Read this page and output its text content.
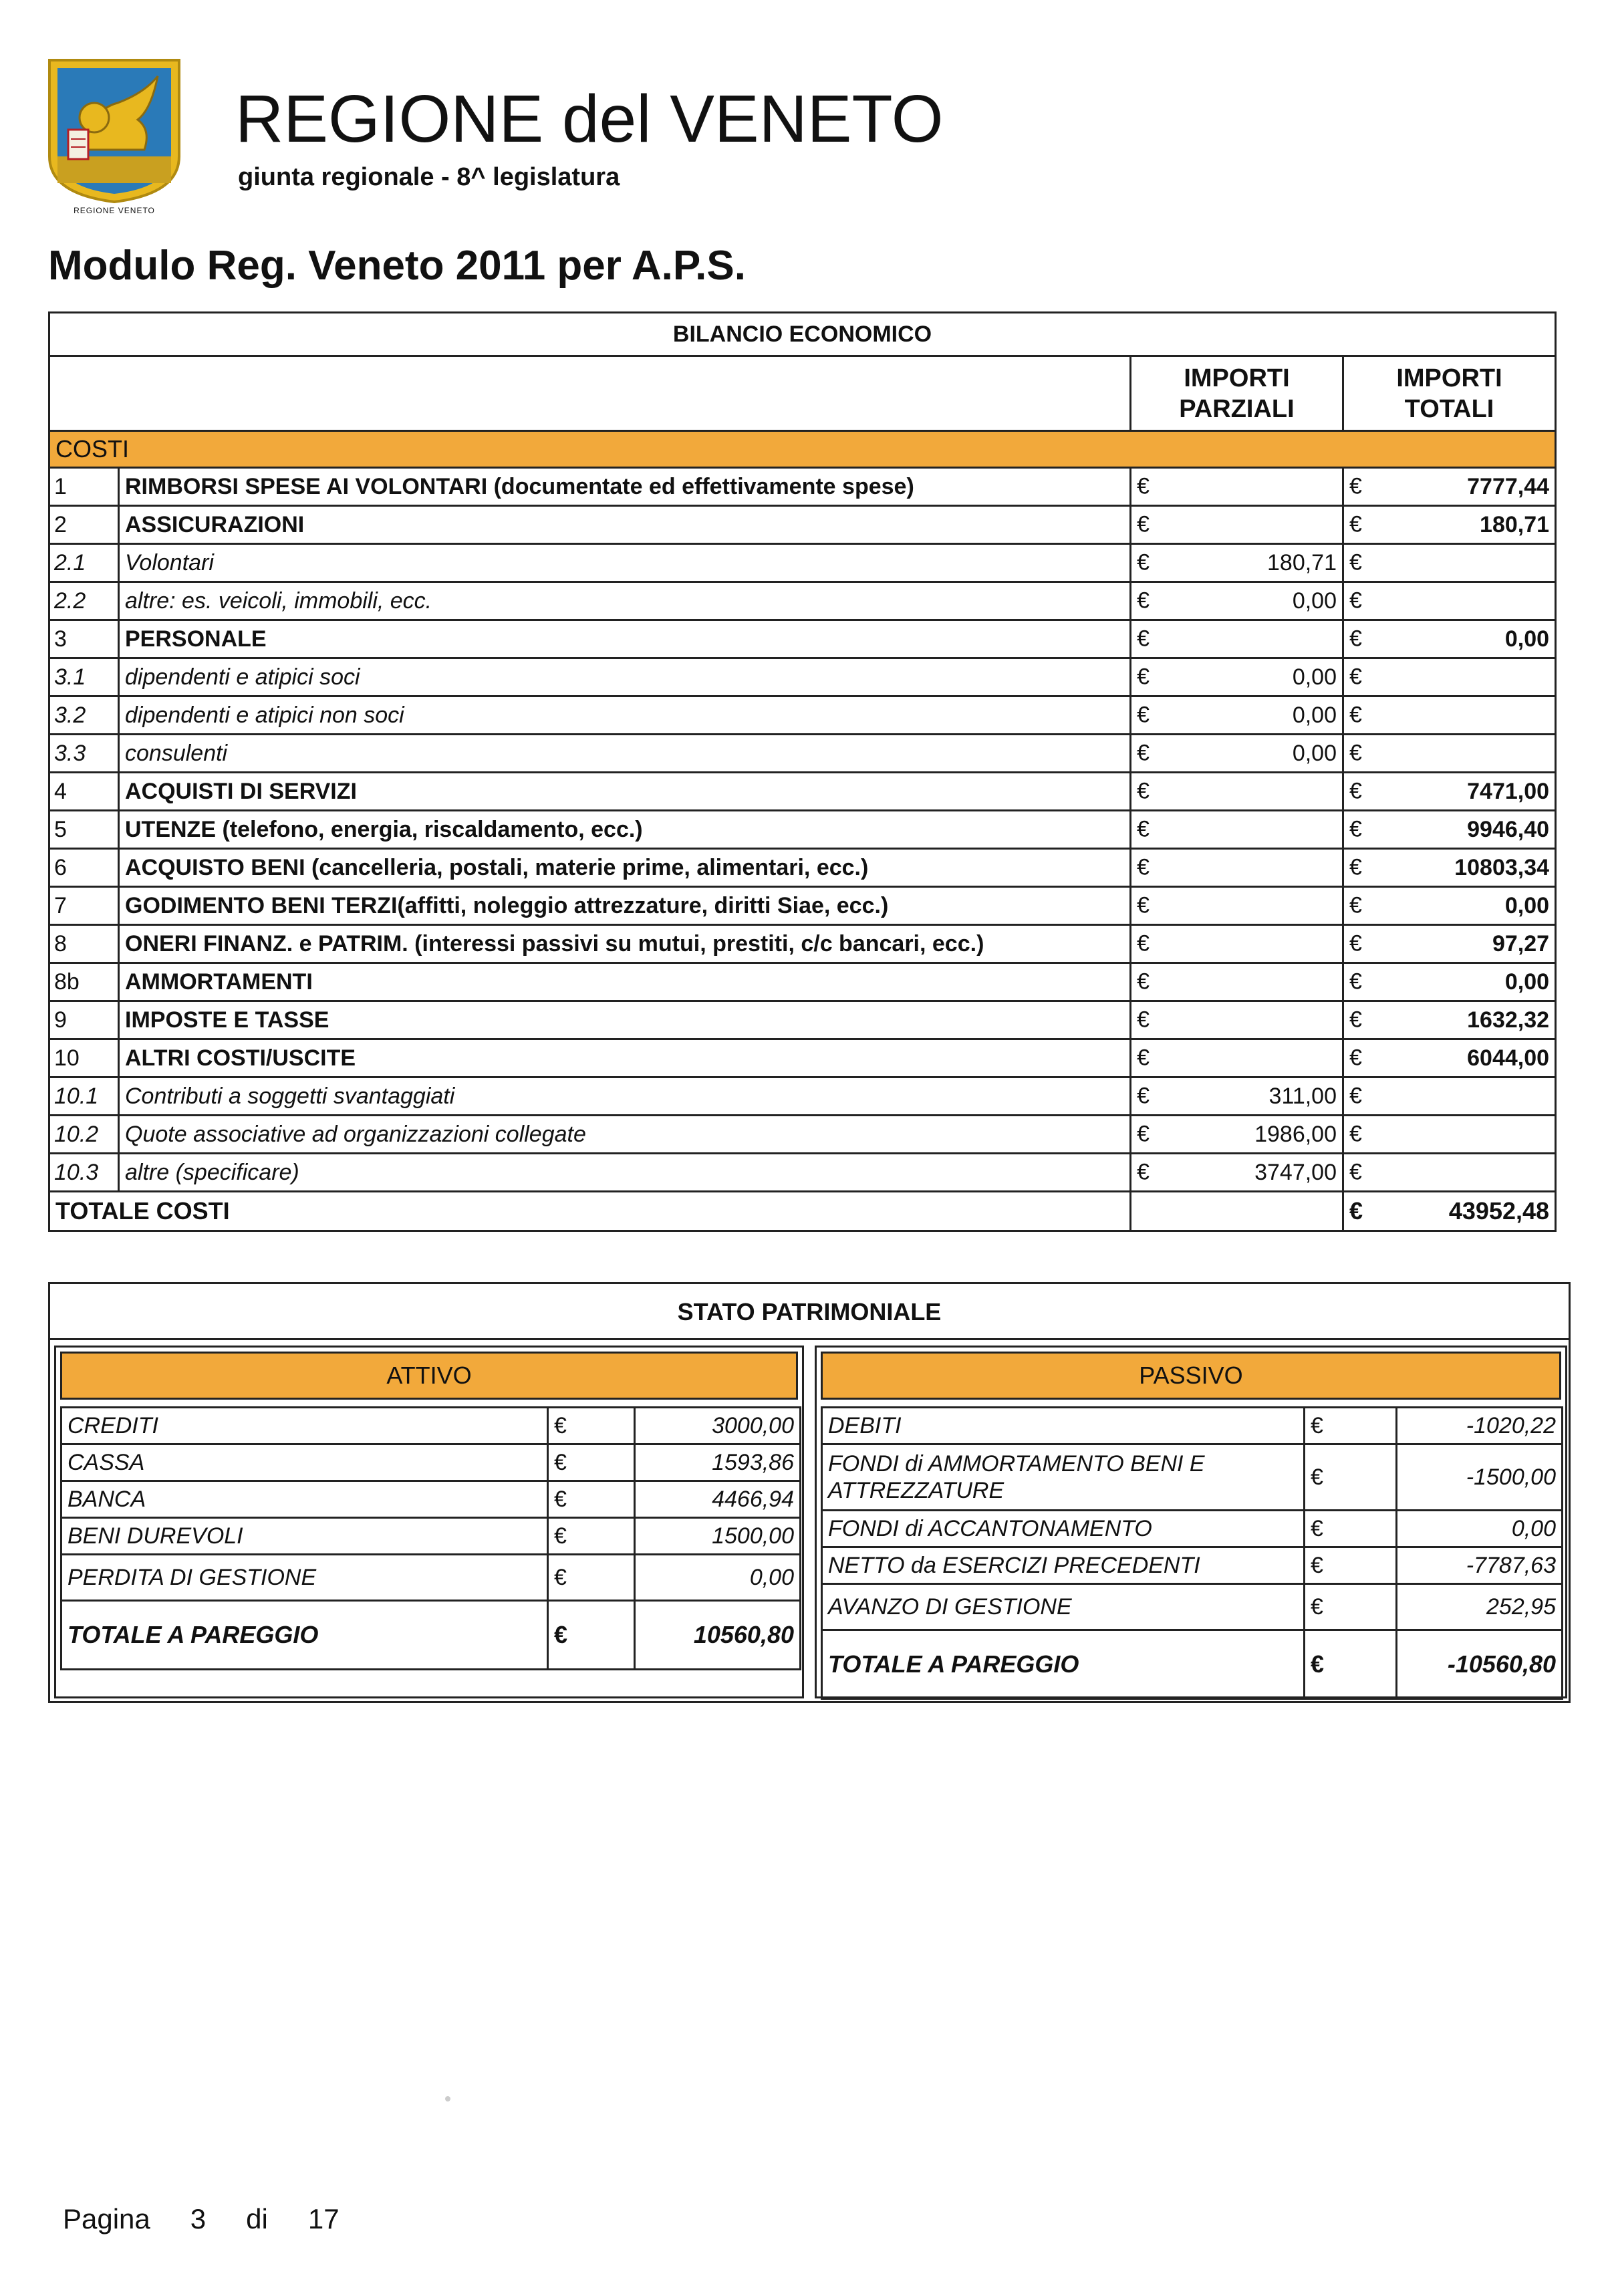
REGIONE VENETO
REGIONE del VENETO
giunta regionale - 8^ legislatura
Modulo Reg. Veneto 2011 per A.P.S.
BILANCIO ECONOMICO			
		IMPORTI PARZIALI	IMPORTI TOTALI
COSTI			
1	RIMBORSI SPESE AI VOLONTARI (documentate ed effettivamente spese)	€	€ 7777,44

2	ASSICURAZIONI	€	€ 180,71

2.1	Volontari	€ 180,71	€

2.2	altre: es. veicoli, immobili, ecc.	€ 0,00	€

3	PERSONALE	€	€ 0,00

3.1	dipendenti e atipici soci	€ 0,00	€

3.2	dipendenti e atipici non soci	€ 0,00	€

3.3	consulenti	€ 0,00	€

4	ACQUISTI DI SERVIZI	€	€ 7471,00

5	UTENZE (telefono, energia, riscaldamento, ecc.)	€	€ 9946,40

6	ACQUISTO BENI (cancelleria, postali, materie prime, alimentari, ecc.)	€	€ 10803,34

7	GODIMENTO BENI TERZI(affitti, noleggio attrezzature, diritti Siae, ecc.)	€	€ 0,00

8	ONERI FINANZ. e PATRIM. (interessi passivi su mutui, prestiti, c/c bancari, ecc.)	€	€ 97,27

8b	AMMORTAMENTI	€	€ 0,00

9	IMPOSTE E TASSE	€	€ 1632,32

10	ALTRI COSTI/USCITE	€	€ 6044,00

10.1	Contributi a soggetti svantaggiati	€ 311,00	€

10.2	Quote associative ad organizzazioni collegate	€ 1986,00	€

10.3	altre (specificare)	€ 3747,00	€

TOTALE COSTI			€ 43952,48
STATO PATRIMONIALE
ATTIVO
CREDITI	€	3000,00
CASSA	€	1593,86
BANCA	€	4466,94
BENI DUREVOLI	€	1500,00
PERDITA DI GESTIONE	€	0,00
TOTALE A PAREGGIO	€	10560,80
PASSIVO
DEBITI	€	-1020,22
FONDI di AMMORTAMENTO BENI E ATTREZZATURE	€	-1500,00
FONDI di ACCANTONAMENTO	€	0,00
NETTO da ESERCIZI PRECEDENTI	€	-7787,63
AVANZO DI GESTIONE	€	252,95
TOTALE A PAREGGIO	€	-10560,80
Pagina 3 di 17
